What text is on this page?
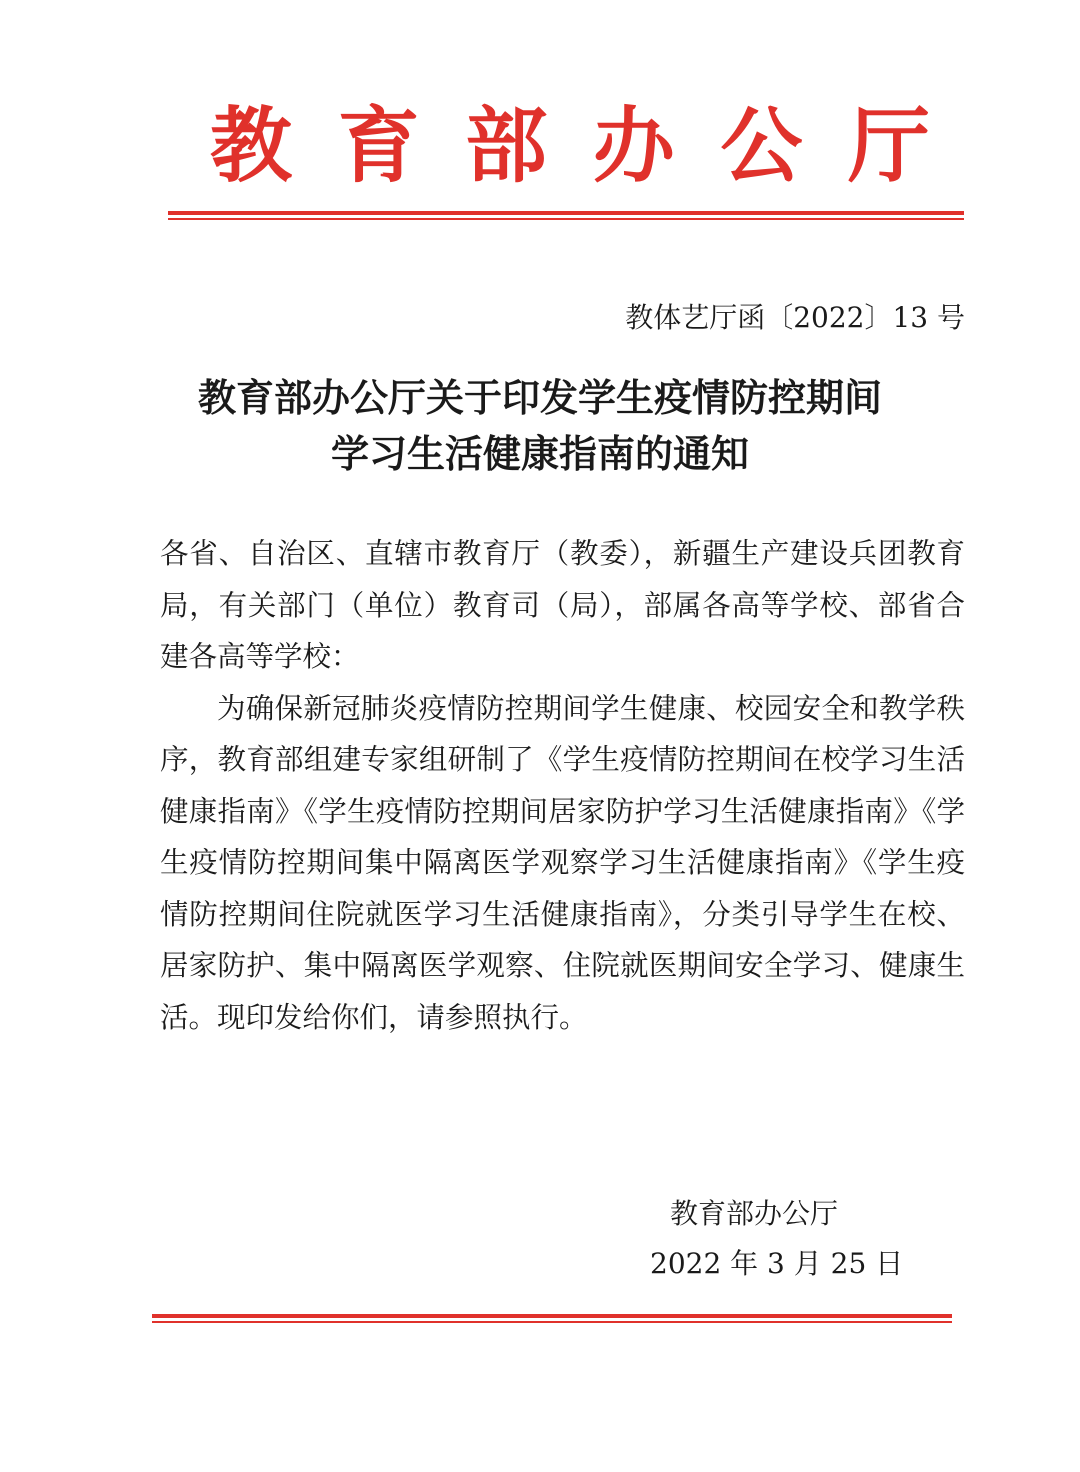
教 育 部 办 公 厅
教体艺厅函〔2022〕13 号
教育部办公厅关于印发学生疫情防控期间
学习生活健康指南的通知

各省、自治区、直辖市教育厅（教委），新疆生产建设兵团教育局，有关部门（单位）教育司（局），部属各高等学校、部省合建各高等学校：

为确保新冠肺炎疫情防控期间学生健康、校园安全和教学秩序，教育部组建专家组研制了《学生疫情防控期间在校学习生活健康指南》《学生疫情防控期间居家防护学习生活健康指南》《学生疫情防控期间集中隔离医学观察学习生活健康指南》《学生疫情防控期间住院就医学习生活健康指南》，分类引导学生在校、居家防护、集中隔离医学观察、住院就医期间安全学习、健康生活。现印发给你们，请参照执行。

教育部办公厅
2022 年 3 月 25 日
